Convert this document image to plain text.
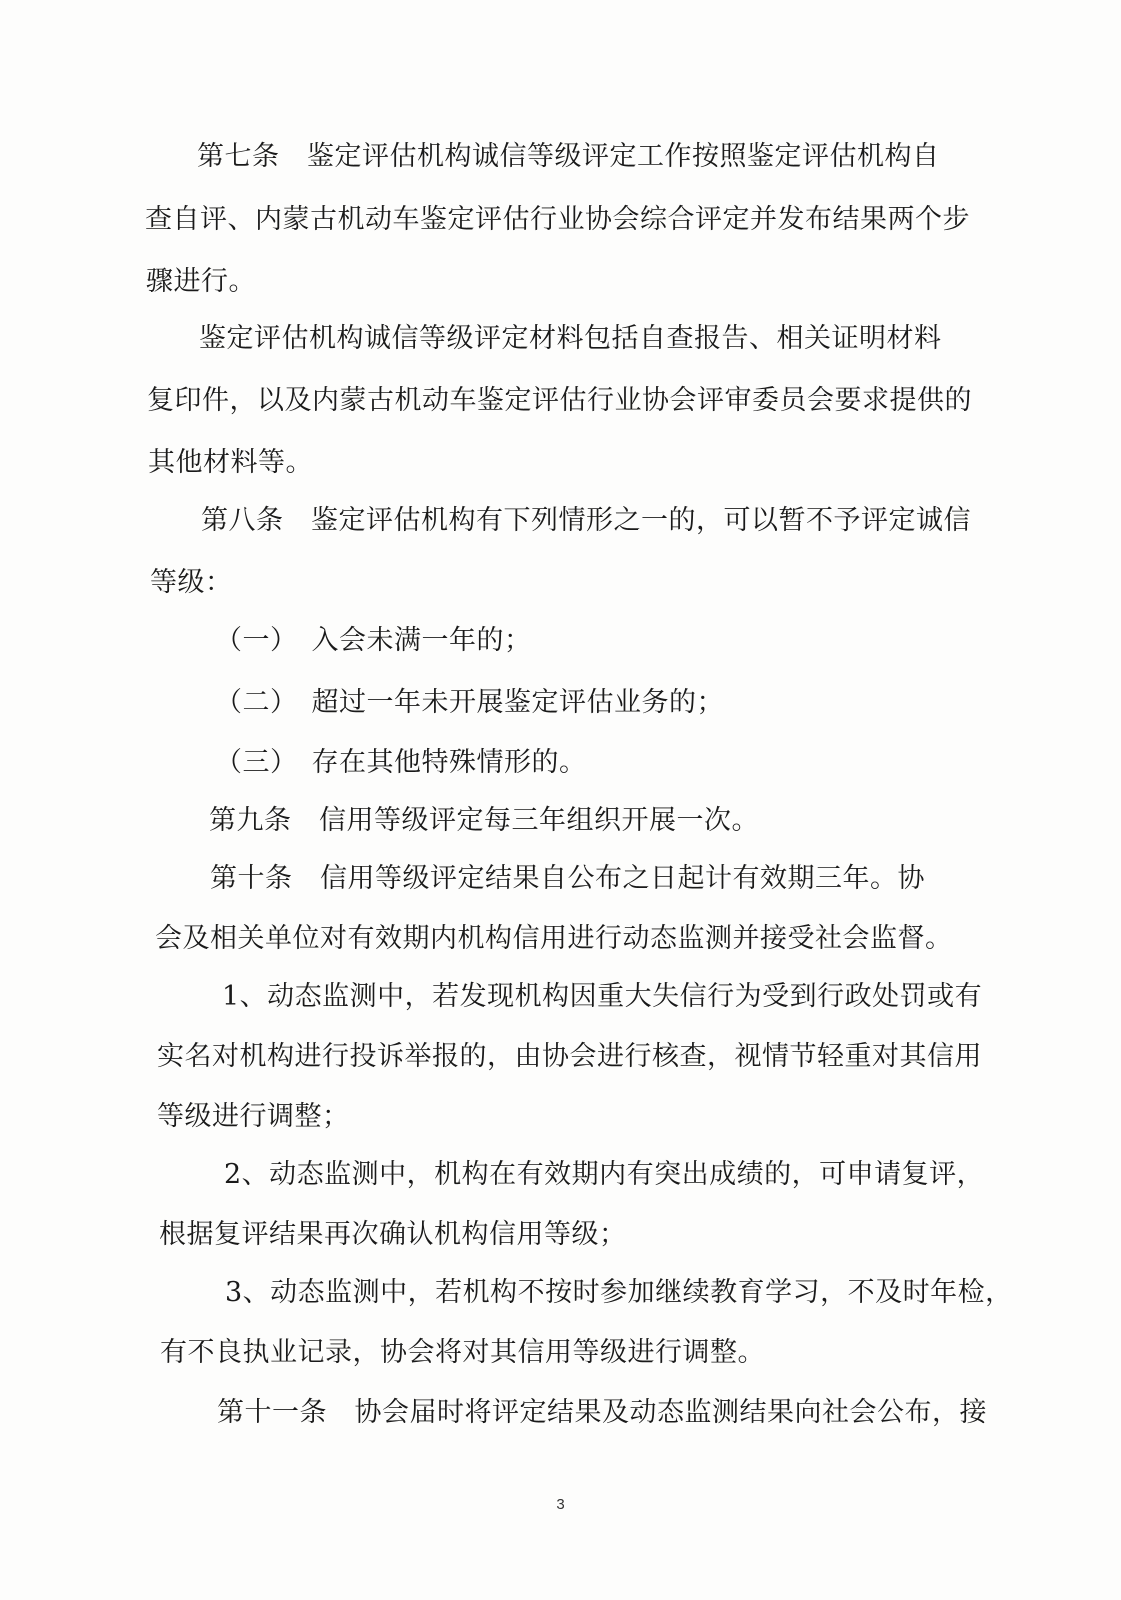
第七条　鉴定评估机构诚信等级评定工作按照鉴定评估机构自
查自评、内蒙古机动车鉴定评估行业协会综合评定并发布结果两个步
骤进行。
鉴定评估机构诚信等级评定材料包括自查报告、相关证明材料
复印件，以及内蒙古机动车鉴定评估行业协会评审委员会要求提供的
其他材料等。
第八条　鉴定评估机构有下列情形之一的，可以暂不予评定诚信
等级：
（一）　入会未满一年的；
（二）　超过一年未开展鉴定评估业务的；
（三）　存在其他特殊情形的。
第九条　信用等级评定每三年组织开展一次。
第十条　信用等级评定结果自公布之日起计有效期三年。协
会及相关单位对有效期内机构信用进行动态监测并接受社会监督。
1、动态监测中，若发现机构因重大失信行为受到行政处罚或有
实名对机构进行投诉举报的，由协会进行核查，视情节轻重对其信用
等级进行调整；
2、动态监测中，机构在有效期内有突出成绩的，可申请复评，
根据复评结果再次确认机构信用等级；
3、动态监测中，若机构不按时参加继续教育学习，不及时年检，
有不良执业记录，协会将对其信用等级进行调整。
第十一条　协会届时将评定结果及动态监测结果向社会公布，接
3
